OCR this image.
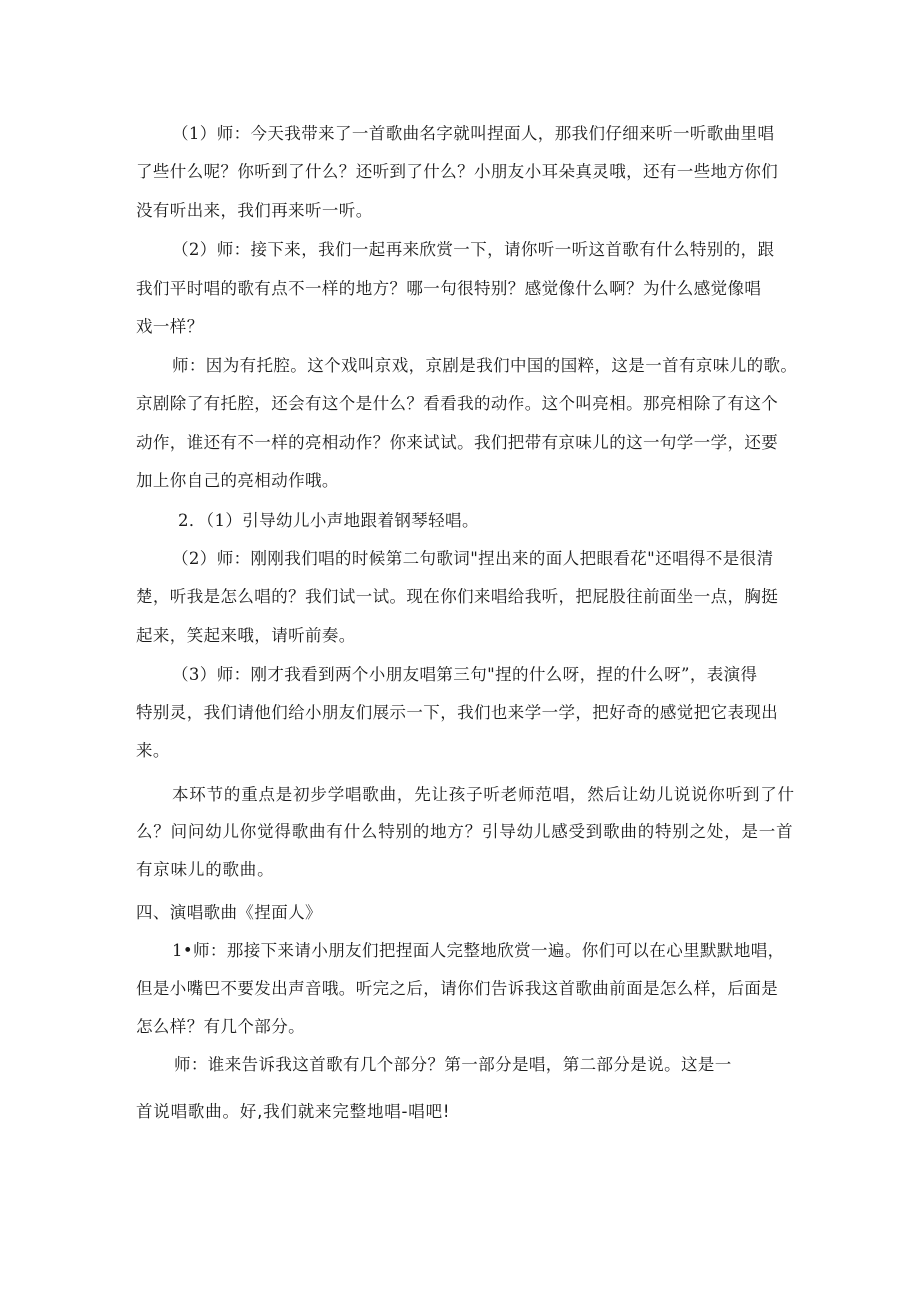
（1）师：今天我带来了一首歌曲名字就叫捏面人，那我们仔细来听一听歌曲里唱
了些什么呢？你听到了什么？还听到了什么？小朋友小耳朵真灵哦，还有一些地方你们
没有听出来，我们再来听一听。
（2）师：接下来，我们一起再来欣赏一下，请你听一听这首歌有什么特别的，跟
我们平时唱的歌有点不一样的地方？哪一句很特别？感觉像什么啊？为什么感觉像唱
戏一样？
师：因为有托腔。这个戏叫京戏，京剧是我们中国的国粹，这是一首有京味儿的歌。
京剧除了有托腔，还会有这个是什么？看看我的动作。这个叫亮相。那亮相除了有这个
动作，谁还有不一样的亮相动作？你来试试。我们把带有京味儿的这一句学一学，还要
加上你自己的亮相动作哦。
2．（1）引导幼儿小声地跟着钢琴轻唱。
（2）师：刚刚我们唱的时候第二句歌词"捏出来的面人把眼看花"还唱得不是很清
楚，听我是怎么唱的？我们试一试。现在你们来唱给我听，把屁股往前面坐一点，胸挺
起来，笑起来哦，请听前奏。
（3）师：刚才我看到两个小朋友唱第三句"捏的什么呀，捏的什么呀”，表演得
特别灵，我们请他们给小朋友们展示一下，我们也来学一学，把好奇的感觉把它表现出
来。
本环节的重点是初步学唱歌曲，先让孩子听老师范唱，然后让幼儿说说你听到了什
么？问问幼儿你觉得歌曲有什么特别的地方？引导幼儿感受到歌曲的特别之处，是一首
有京味儿的歌曲。
四、演唱歌曲《捏面人》
1•师：那接下来请小朋友们把捏面人完整地欣赏一遍。你们可以在心里默默地唱，
但是小嘴巴不要发出声音哦。听完之后，请你们告诉我这首歌曲前面是怎么样，后面是
怎么样？有几个部分。
师：谁来告诉我这首歌有几个部分？第一部分是唱，第二部分是说。这是一
首说唱歌曲。好,我们就来完整地唱-唱吧!
